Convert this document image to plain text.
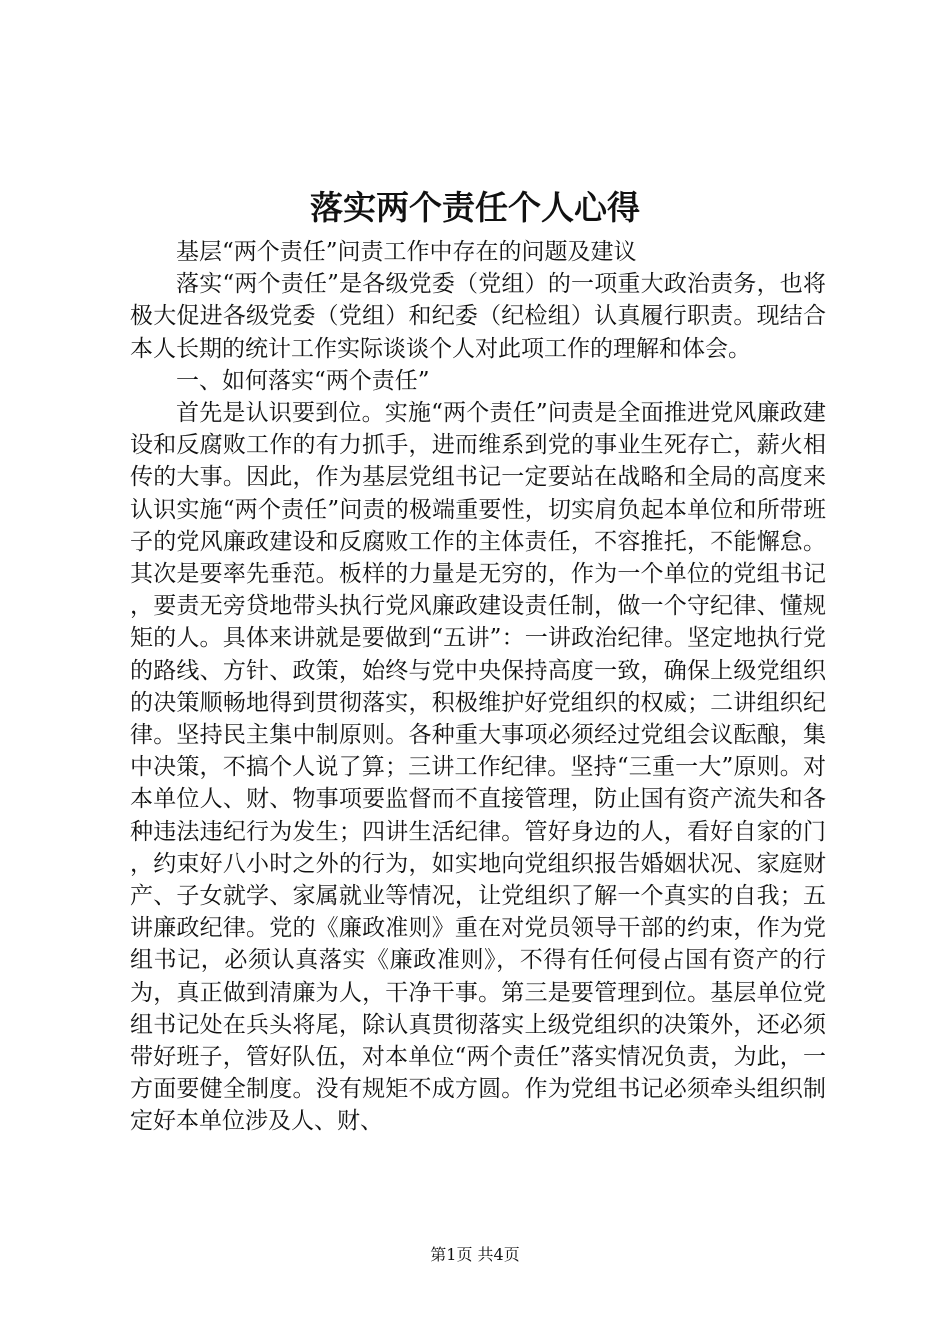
落实两个责任个人心得

基层“两个责任”问责工作中存在的问题及建议

落实“两个责任”是各级党委（党组）的一项重大政治责务，也将极大促进各级党委（党组）和纪委（纪检组）认真履行职责。现结合本人长期的统计工作实际谈谈个人对此项工作的理解和体会。

一、如何落实“两个责任”

首先是认识要到位。实施“两个责任”问责是全面推进党风廉政建设和反腐败工作的有力抓手，进而维系到党的事业生死存亡，薪火相传的大事。因此，作为基层党组书记一定要站在战略和全局的高度来认识实施“两个责任”问责的极端重要性，切实肩负起本单位和所带班子的党风廉政建设和反腐败工作的主体责任，不容推托，不能懈怠。其次是要率先垂范。板样的力量是无穷的，作为一个单位的党组书记，要责无旁贷地带头执行党风廉政建设责任制，做一个守纪律、懂规矩的人。具体来讲就是要做到“五讲”：一讲政治纪律。坚定地执行党的路线、方针、政策，始终与党中央保持高度一致，确保上级党组织的决策顺畅地得到贯彻落实，积极维护好党组织的权威；二讲组织纪律。坚持民主集中制原则。各种重大事项必须经过党组会议酝酿，集中决策，不搞个人说了算；三讲工作纪律。坚持“三重一大”原则。对本单位人、财、物事项要监督而不直接管理，防止国有资产流失和各种违法违纪行为发生；四讲生活纪律。管好身边的人，看好自家的门，约束好八小时之外的行为，如实地向党组织报告婚姻状况、家庭财产、子女就学、家属就业等情况，让党组织了解一个真实的自我；五讲廉政纪律。党的《廉政准则》重在对党员领导干部的约束，作为党组书记，必须认真落实《廉政准则》，不得有任何侵占国有资产的行为，真正做到清廉为人，干净干事。第三是要管理到位。基层单位党组书记处在兵头将尾，除认真贯彻落实上级党组织的决策外，还必须带好班子，管好队伍，对本单位“两个责任”落实情况负责，为此，一方面要健全制度。没有规矩不成方圆。作为党组书记必须牵头组织制定好本单位涉及人、财、

第1页 共4页
